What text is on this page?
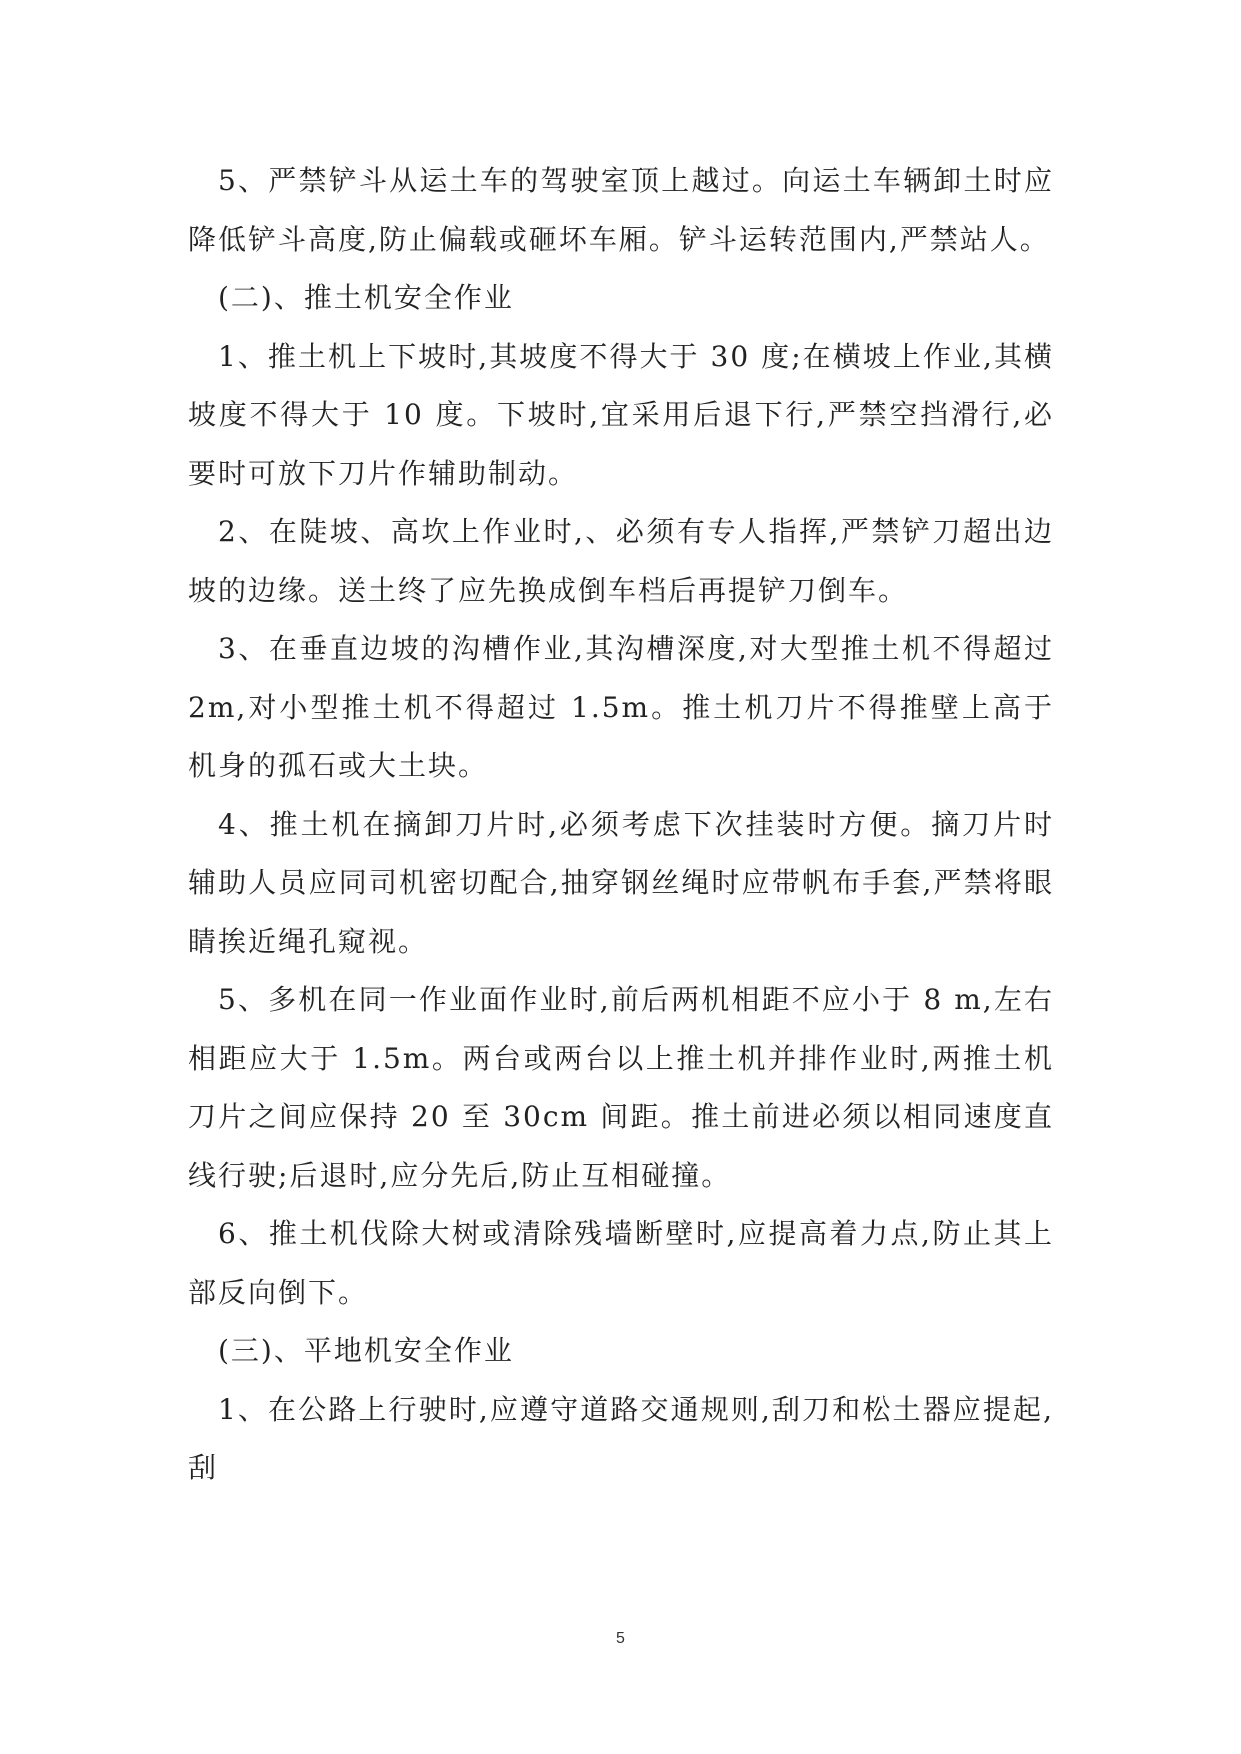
5、严禁铲斗从运土车的驾驶室顶上越过。向运土车辆卸土时应降低铲斗高度,防止偏载或砸坏车厢。铲斗运转范围内,严禁站人。

(二)、推土机安全作业

1、推土机上下坡时,其坡度不得大于 30 度;在横坡上作业,其横坡度不得大于 10 度。下坡时,宜采用后退下行,严禁空挡滑行,必要时可放下刀片作辅助制动。

2、在陡坡、高坎上作业时,、必须有专人指挥,严禁铲刀超出边坡的边缘。送土终了应先换成倒车档后再提铲刀倒车。

3、在垂直边坡的沟槽作业,其沟槽深度,对大型推土机不得超过 2m,对小型推土机不得超过 1.5m。推土机刀片不得推壁上高于机身的孤石或大土块。

4、推土机在摘卸刀片时,必须考虑下次挂装时方便。摘刀片时辅助人员应同司机密切配合,抽穿钢丝绳时应带帆布手套,严禁将眼睛挨近绳孔窥视。

5、多机在同一作业面作业时,前后两机相距不应小于 8 m,左右相距应大于 1.5m。两台或两台以上推土机并排作业时,两推土机刀片之间应保持 20 至 30cm 间距。推土前进必须以相同速度直线行驶;后退时,应分先后,防止互相碰撞。

6、推土机伐除大树或清除残墙断壁时,应提高着力点,防止其上部反向倒下。

(三)、平地机安全作业

1、在公路上行驶时,应遵守道路交通规则,刮刀和松土器应提起,刮

5
